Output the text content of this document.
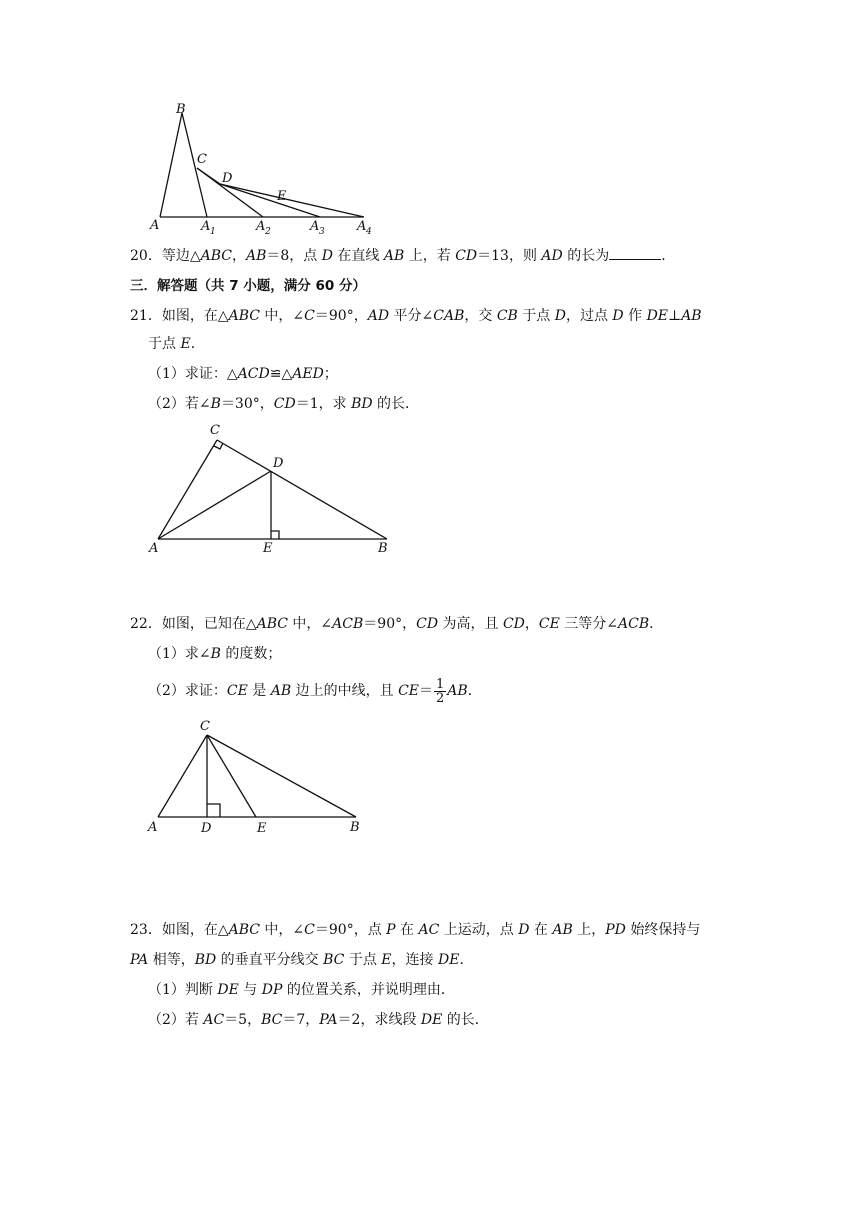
B
C
D
E
A	A 1	A 2	A 3 A 4
20．等边△ABC，AB＝8，点 D 在直线 AB 上，若 CD＝13，则 AD 的长为	．
三．解答题（共 7 小题，满分 60 分）
21．如图，在△ABC 中，∠C＝90°，AD 平分∠CAB，交 CB 于点 D，过点 D 作 DE⊥AB
于点 E．
（1）求证：△ACD≌△AED；
（2）若∠B＝30°，CD＝1，求 BD 的长．
C
D
A	E	B
22．如图，已知在△ABC 中，∠ACB＝90°，CD 为高，且 CD，CE 三等分∠ACB．
（1）求∠B 的度数；
（2）求证：CE 是 AB 边上的中线，且 $CE= \frac{1}{2}$ AB．
C
A	D	E	B
23．如图，在△ABC 中，∠C＝90°，点 P 在 AC 上运动，点 D 在 AB 上，PD 始终保持与
PA 相等，BD 的垂直平分线交 BC 于点 E，连接 DE．
（1）判断 DE 与 DP 的位置关系，并说明理由．
（2）若 AC＝5，BC＝7，PA＝2，求线段 DE 的长．
